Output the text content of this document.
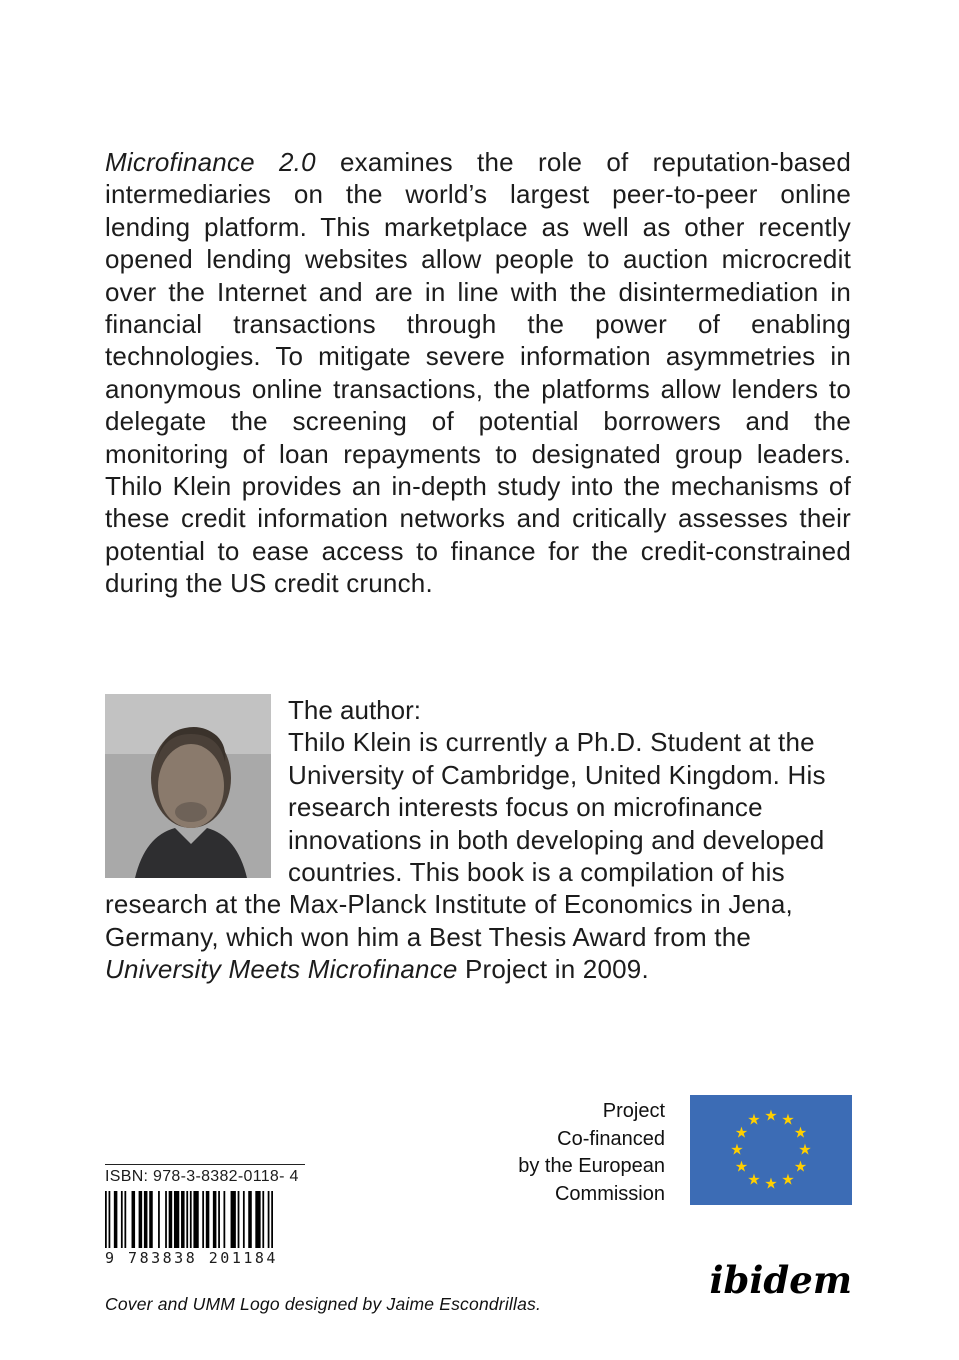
Microfinance 2.0 examines the role of reputation-based intermediaries on the world’s largest peer-to-peer online lending platform. This marketplace as well as other recently opened lending websites allow people to auction microcredit over the Internet and are in line with the disintermediation in financial transactions through the power of enabling technologies. To mitigate severe information asymmetries in anonymous online transactions, the platforms allow lenders to delegate the screening of potential borrowers and the monitoring of loan repayments to designated group leaders. Thilo Klein provides an in-depth study into the mechanisms of these credit information networks and critically assesses their potential to ease access to finance for the credit-constrained during the US credit crunch.

The author:
Thilo Klein is currently a Ph.D. Student at the University of Cambridge, United Kingdom. His research interests focus on microfinance innovations in both developing and developed countries. This book is a compilation of his research at the Max-Planck Institute of Economics in Jena, Germany, which won him a Best Thesis Award from the University Meets Microfinance Project in 2009.
Project
Co-financed
by the European
Commission
★ ★
★
★
★
★
★
★
★
★
★
★
ISBN: 978-3-8382-0118- 4
9 783838 201184	ibidem
Cover and UMM Logo designed by Jaime Escondrillas.
